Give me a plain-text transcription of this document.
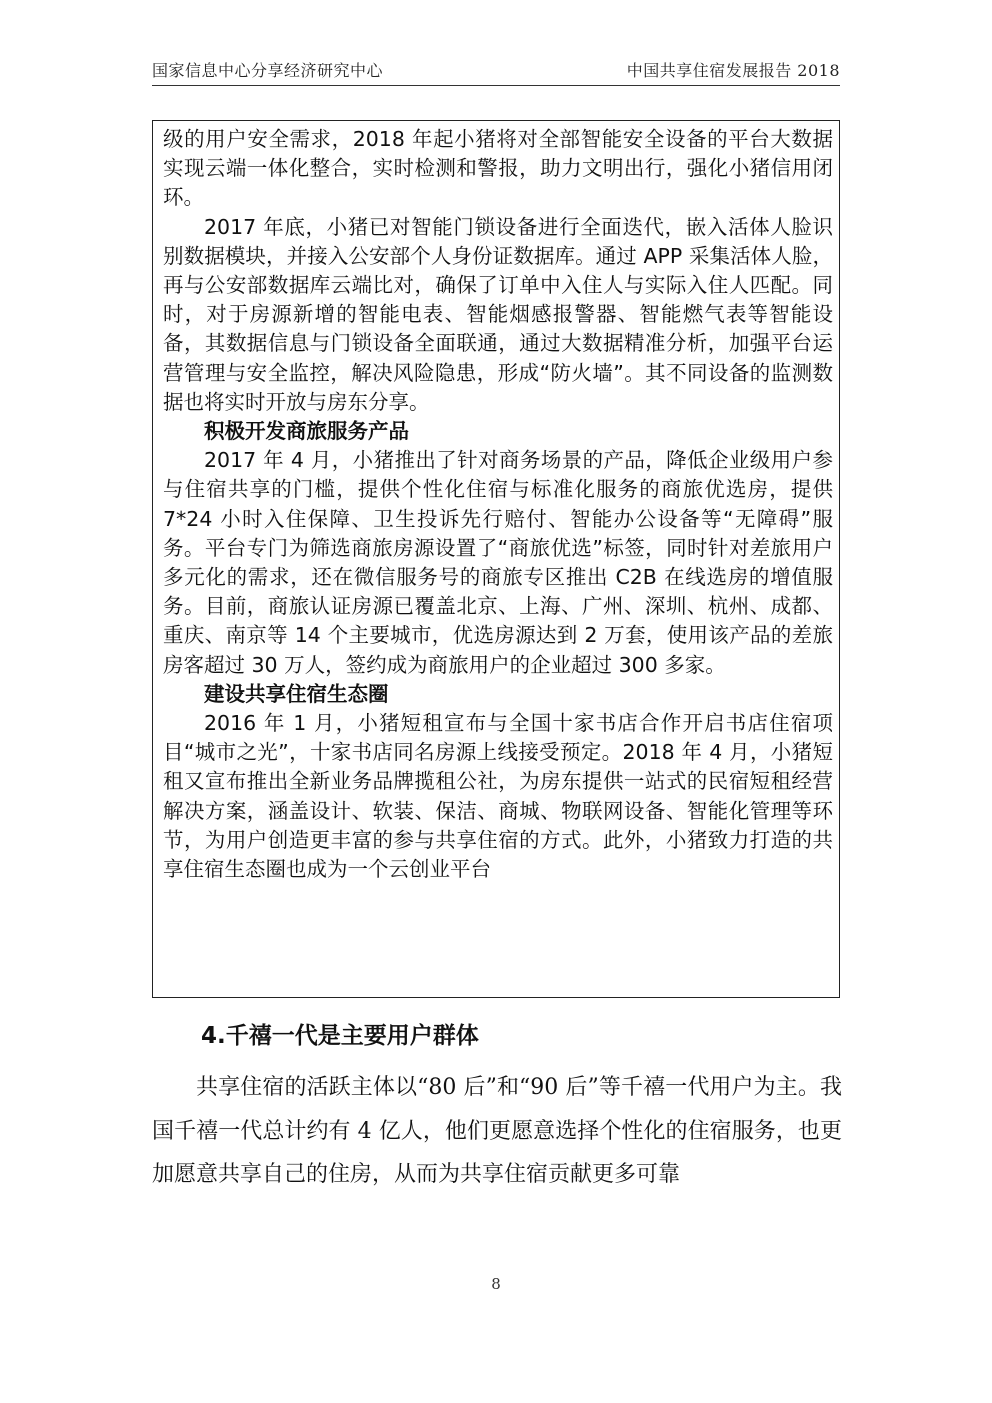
国家信息中心分享经济研究中心	中国共享住宿发展报告 2018

级的用户安全需求，2018 年起小猪将对全部智能安全设备的平台大数据实现云端一体化整合，实时检测和警报，助力文明出行，强化小猪信用闭环。

2017 年底，小猪已对智能门锁设备进行全面迭代，嵌入活体人脸识别数据模块，并接入公安部个人身份证数据库。通过 APP 采集活体人脸，再与公安部数据库云端比对，确保了订单中入住人与实际入住人匹配。同时，对于房源新增的智能电表、智能烟感报警器、智能燃气表等智能设备，其数据信息与门锁设备全面联通，通过大数据精准分析，加强平台运营管理与安全监控，解决风险隐患，形成“防火墙”。其不同设备的监测数据也将实时开放与房东分享。

积极开发商旅服务产品

2017 年 4 月，小猪推出了针对商务场景的产品，降低企业级用户参与住宿共享的门槛，提供个性化住宿与标准化服务的商旅优选房，提供 7*24 小时入住保障、卫生投诉先行赔付、智能办公设备等“无障碍”服务。平台专门为筛选商旅房源设置了“商旅优选”标签，同时针对差旅用户多元化的需求，还在微信服务号的商旅专区推出 C2B 在线选房的增值服务。目前，商旅认证房源已覆盖北京、上海、广州、深圳、杭州、成都、重庆、南京等 14 个主要城市，优选房源达到 2 万套，使用该产品的差旅房客超过 30 万人，签约成为商旅用户的企业超过 300 多家。

建设共享住宿生态圈

2016 年 1 月，小猪短租宣布与全国十家书店合作开启书店住宿项目“城市之光”，十家书店同名房源上线接受预定。2018 年 4 月，小猪短租又宣布推出全新业务品牌揽租公社，为房东提供一站式的民宿短租经营解决方案，涵盖设计、软装、保洁、商城、物联网设备、智能化管理等环节，为用户创造更丰富的参与共享住宿的方式。此外，小猪致力打造的共享住宿生态圈也成为一个云创业平台

4.千禧一代是主要用户群体

共享住宿的活跃主体以“80 后”和“90 后”等千禧一代用户为主。我国千禧一代总计约有 4 亿人，他们更愿意选择个性化的住宿服务，也更加愿意共享自己的住房，从而为共享住宿贡献更多可靠

8
